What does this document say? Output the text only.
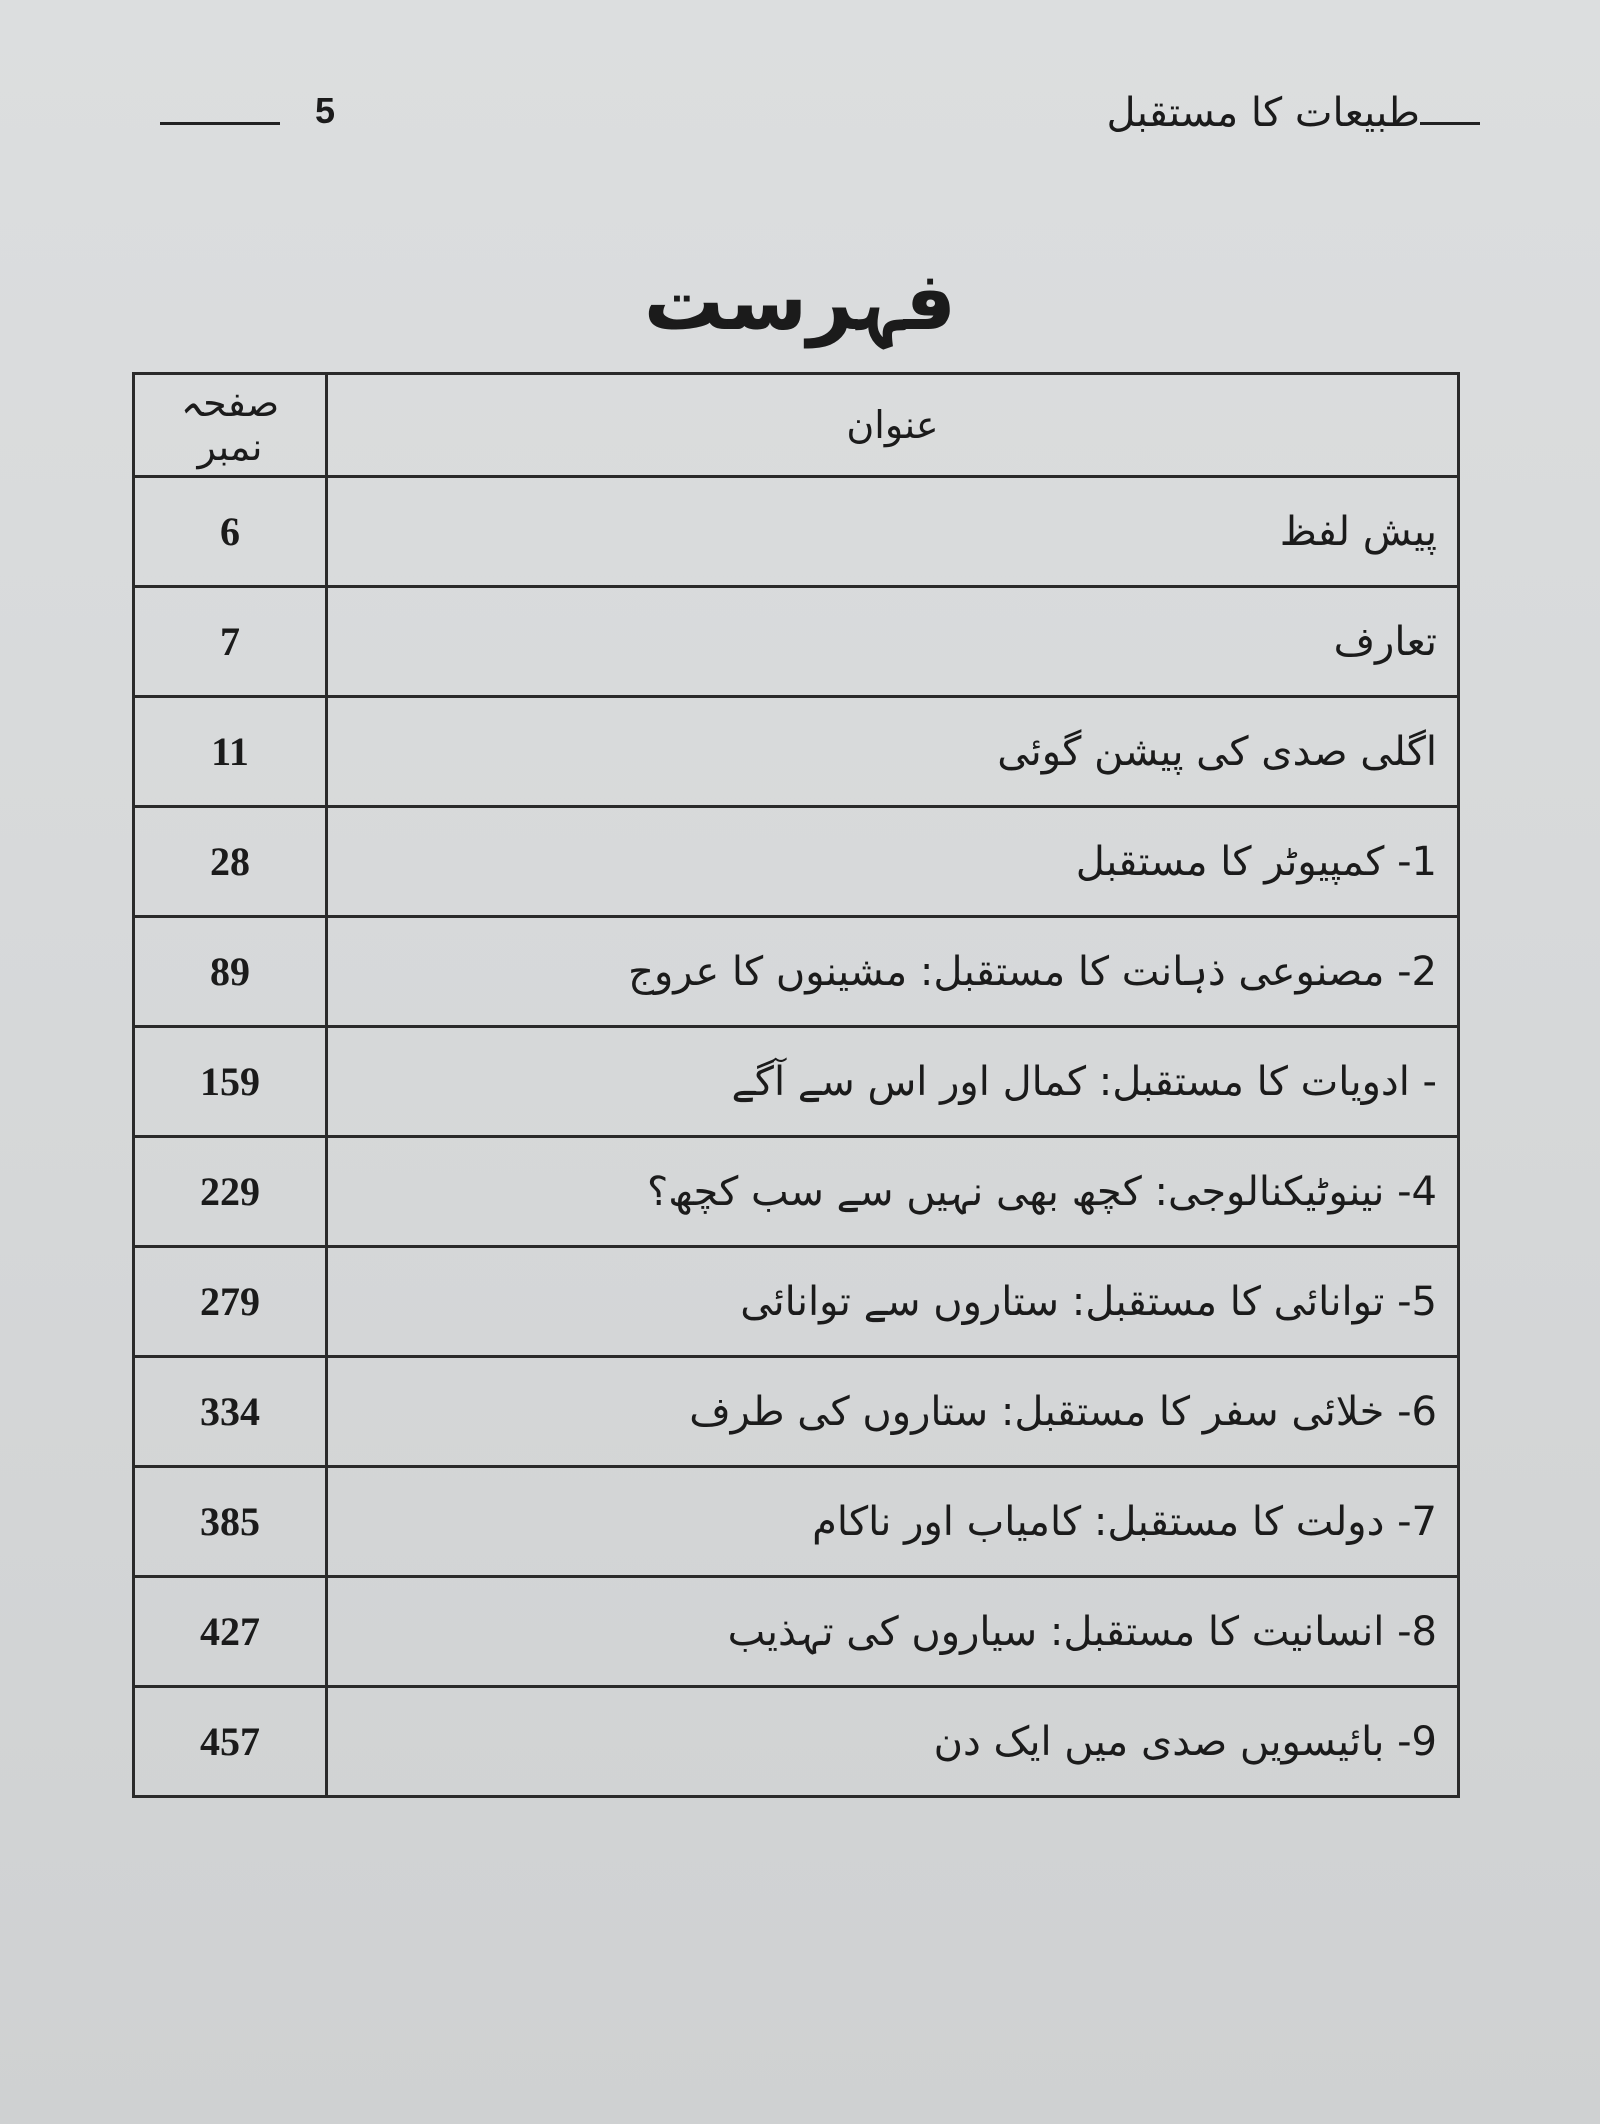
5	طبیعات کا مستقبل
فہرست
عنوان	صفحہ نمبر
پیش لفظ	6
تعارف	7
اگلی صدی کی پیشن گوئی	11
1- کمپیوٹر کا مستقبل	28
2- مصنوعی ذہانت کا مستقبل: مشینوں کا عروج	89
- ادویات کا مستقبل: کمال اور اس سے آگے	159
4- نینوٹیکنالوجی: کچھ بھی نہیں سے سب کچھ؟	229
5- توانائی کا مستقبل: ستاروں سے توانائی	279
6- خلائی سفر کا مستقبل: ستاروں کی طرف	334
7- دولت کا مستقبل: کامیاب اور ناکام	385
8- انسانیت کا مستقبل: سیاروں کی تہذیب	427
9- بائیسویں صدی میں ایک دن	457
